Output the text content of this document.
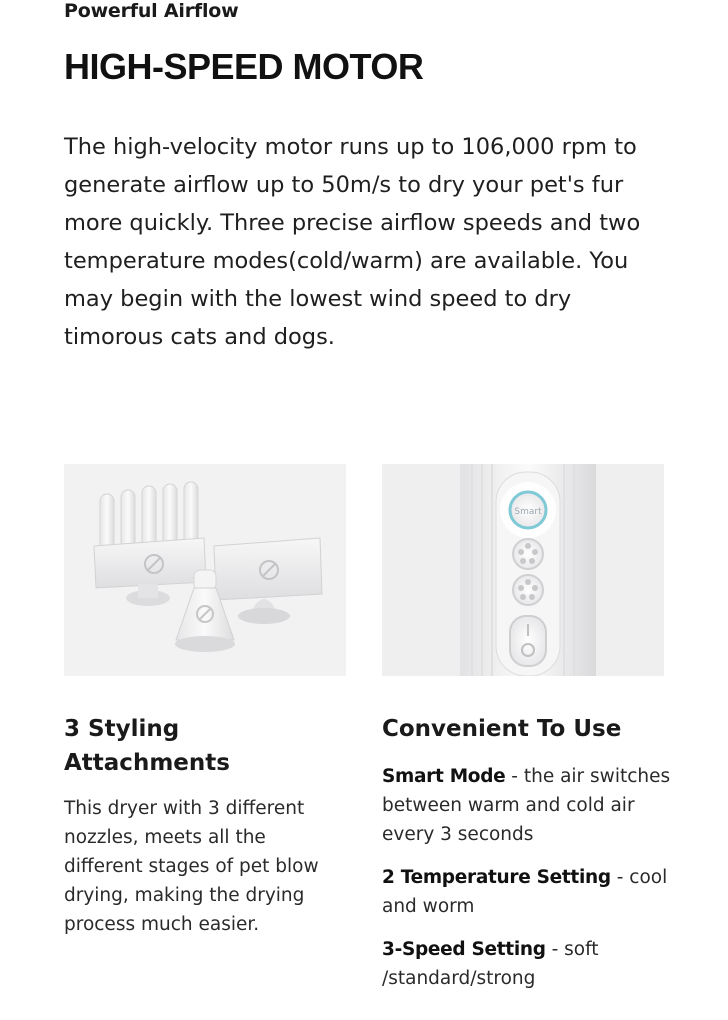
Powerful Airflow
HIGH-SPEED MOTOR

The high-velocity motor runs up to 106,000 rpm to generate airflow up to 50m/s to dry your pet's fur more quickly. Three precise airflow speeds and two temperature modes(cold/warm) are available. You may begin with the lowest wind speed to dry timorous cats and dogs.

Smart
3 Styling Attachments

This dryer with 3 different nozzles, meets all the different stages of pet blow drying, making the drying process much easier.

Convenient To Use

Smart Mode - the air switches between warm and cold air every 3 seconds

2 Temperature Setting - cool and worm

3-Speed Setting - soft /standard/strong
